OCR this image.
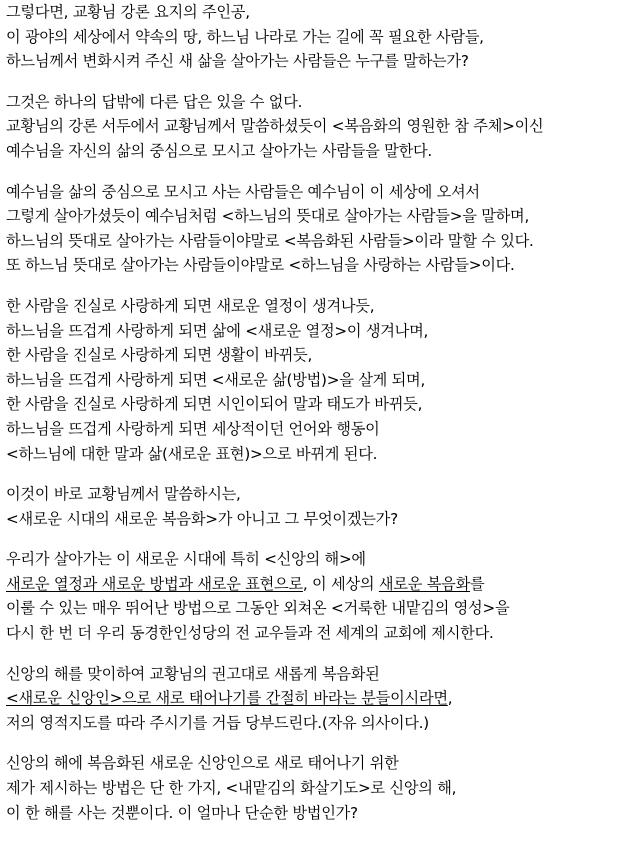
그렇다면, 교황님 강론 요지의 주인공,
이 광야의 세상에서 약속의 땅, 하느님 나라로 가는 길에 꼭 필요한 사람들,
하느님께서 변화시켜 주신 새 삶을 살아가는 사람들은 누구를 말하는가?
그것은 하나의 답밖에 다른 답은 있을 수 없다.
교황님의 강론 서두에서 교황님께서 말씀하셨듯이 <복음화의 영원한 참 주체>이신
예수님을 자신의 삶의 중심으로 모시고 살아가는 사람들을 말한다.
예수님을 삶의 중심으로 모시고 사는 사람들은 예수님이 이 세상에 오셔서
그렇게 살아가셨듯이 예수님처럼 <하느님의 뜻대로 살아가는 사람들>을 말하며,
하느님의 뜻대로 살아가는 사람들이야말로 <복음화된 사람들>이라 말할 수 있다.
또 하느님 뜻대로 살아가는 사람들이야말로 <하느님을 사랑하는 사람들>이다.
한 사람을 진실로 사랑하게 되면 새로운 열정이 생겨나듯,
하느님을 뜨겁게 사랑하게 되면 삶에 <새로운 열정>이 생겨나며,
한 사람을 진실로 사랑하게 되면 생활이 바뀌듯,
하느님을 뜨겁게 사랑하게 되면 <새로운 삶(방법)>을 살게 되며,
한 사람을 진실로 사랑하게 되면 시인이되어 말과 태도가 바뀌듯,
하느님을 뜨겁게 사랑하게 되면 세상적이던 언어와 행동이
<하느님에 대한 말과 삶(새로운 표현)>으로 바뀌게 된다.
이것이 바로 교황님께서 말씀하시는,
<새로운 시대의 새로운 복음화>가 아니고 그 무엇이겠는가?
우리가 살아가는 이 새로운 시대에 특히 <신앙의 해>에
새로운 열정과 새로운 방법과 새로운 표현으로, 이 세상의 새로운 복음화를
이룰 수 있는 매우 뛰어난 방법으로 그동안 외쳐온 <거룩한 내맡김의 영성>을
다시 한 번 더 우리 동경한인성당의 전 교우들과 전 세계의 교회에 제시한다.
신앙의 해를 맞이하여 교황님의 권고대로 새롭게 복음화된
<새로운 신앙인>으로 새로 태어나기를 간절히 바라는 분들이시라면,
저의 영적지도를 따라 주시기를 거듭 당부드린다.(자유 의사이다.)
신앙의 해에 복음화된 새로운 신앙인으로 새로 태어나기 위한
제가 제시하는 방법은 단 한 가지, <내맡김의 화살기도>로 신앙의 해,
이 한 해를 사는 것뿐이다. 이 얼마나 단순한 방법인가?
